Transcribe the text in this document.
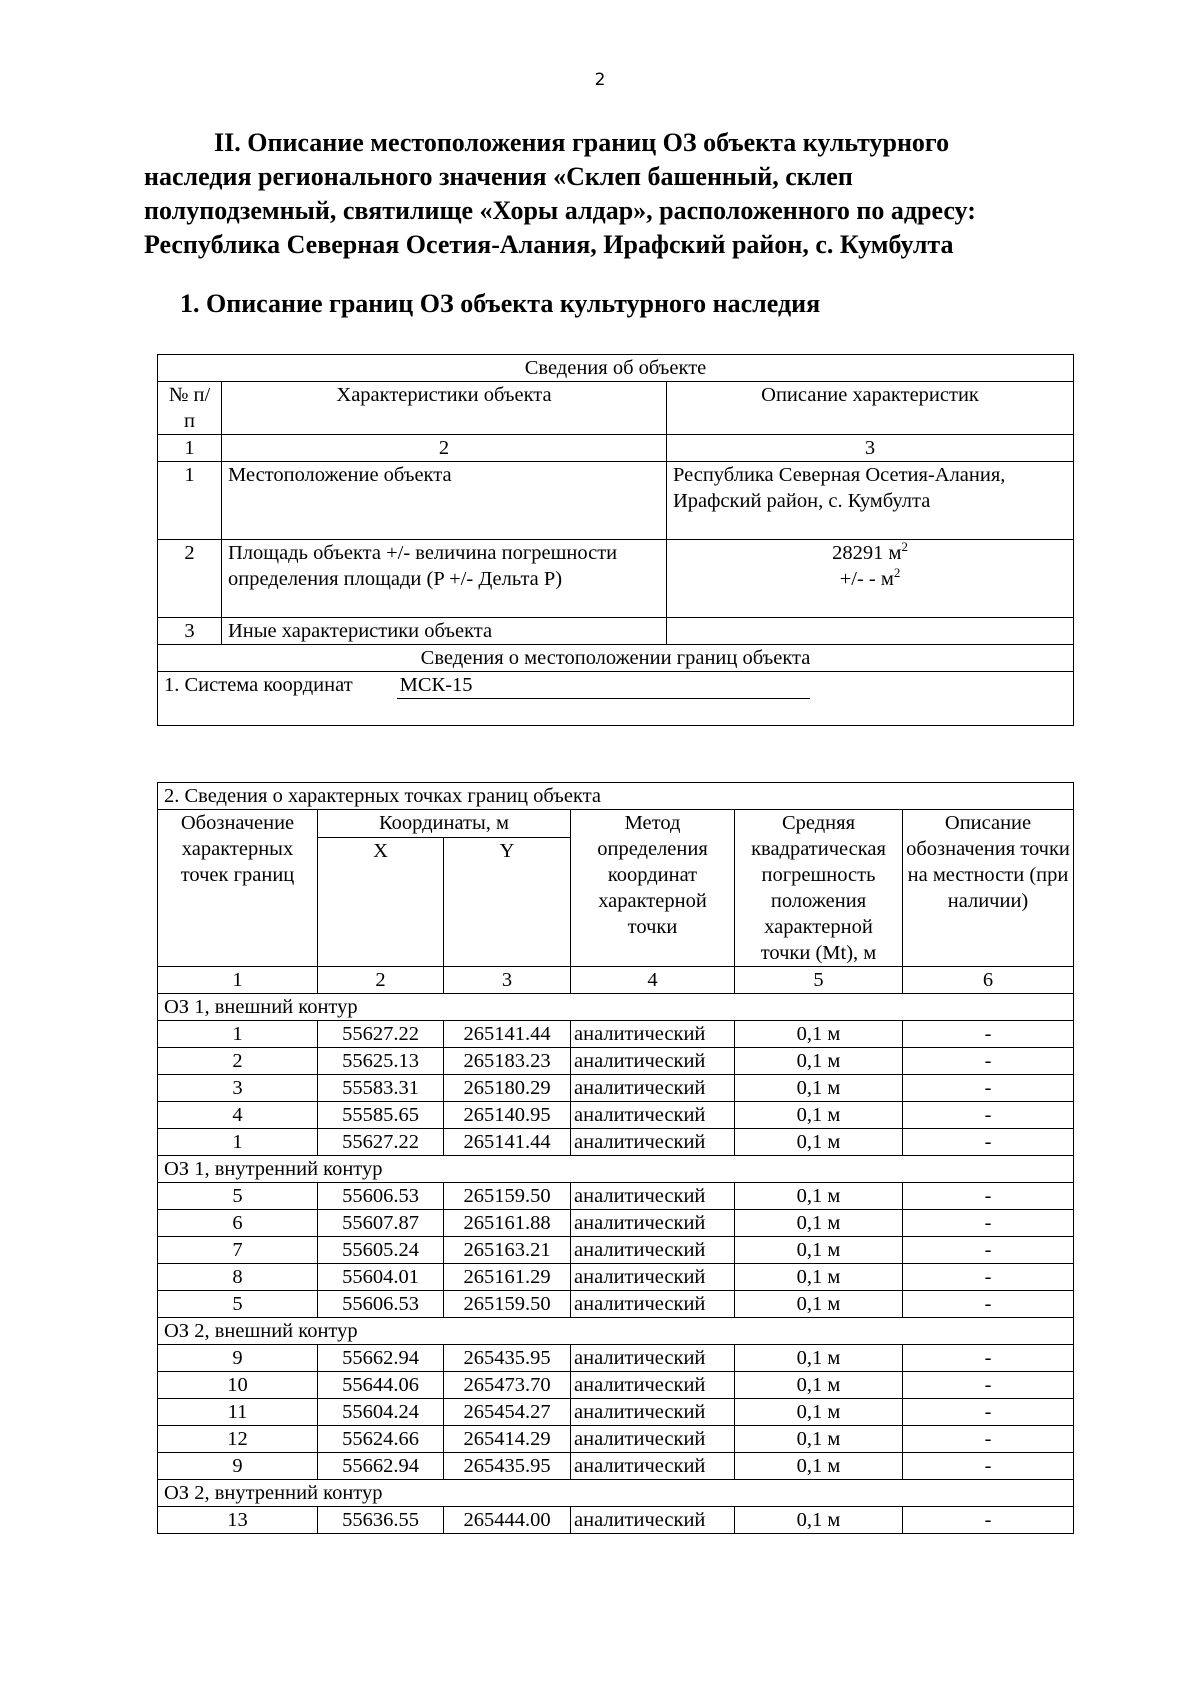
2
II. Описание местоположения границ ОЗ объекта культурного
наследия регионального значения «Склеп башенный, склеп
полуподземный, святилище «Хоры алдар», расположенного по адресу:
Республика Северная Осетия-Алания, Ирафский район, с. Кумбулта
1. Описание границ ОЗ объекта культурного наследия
Сведения об объекте		
№ п/п	Характеристики объекта	Описание характеристик
1	2	3
1	Местоположение объекта	Республика Северная Осетия-Алания, Ирафский район, с. Кумбулта
2	Площадь объекта +/- величина погрешности определения площади (P +/- Дельта P)	28291 $м^2$
+/- - $м^2$

3	Иные характеристики объекта	
Сведения о местоположении границ объекта		
1. Система координат МСК-15		
2. Сведения о характерных точках границ объекта					
Обозначение характерных точек границ	Координаты, м		Метод определения координат характерной точки	Средняя квадратическая погрешность положения характерной точки (Mt), м	Описание обозначения точки на местности (при наличии)
	X	Y			
1	2	3	4	5	6
ОЗ 1, внешний контур					
1	55627.22	265141.44	аналитический	0,1 м	-
2	55625.13	265183.23	аналитический	0,1 м	-
3	55583.31	265180.29	аналитический	0,1 м	-
4	55585.65	265140.95	аналитический	0,1 м	-
1	55627.22	265141.44	аналитический	0,1 м	-
ОЗ 1, внутренний контур					
5	55606.53	265159.50	аналитический	0,1 м	-
6	55607.87	265161.88	аналитический	0,1 м	-
7	55605.24	265163.21	аналитический	0,1 м	-
8	55604.01	265161.29	аналитический	0,1 м	-
5	55606.53	265159.50	аналитический	0,1 м	-
ОЗ 2, внешний контур					
9	55662.94	265435.95	аналитический	0,1 м	-
10	55644.06	265473.70	аналитический	0,1 м	-
11	55604.24	265454.27	аналитический	0,1 м	-
12	55624.66	265414.29	аналитический	0,1 м	-
9	55662.94	265435.95	аналитический	0,1 м	-
ОЗ 2, внутренний контур					
13	55636.55	265444.00	аналитический	0,1 м	-
